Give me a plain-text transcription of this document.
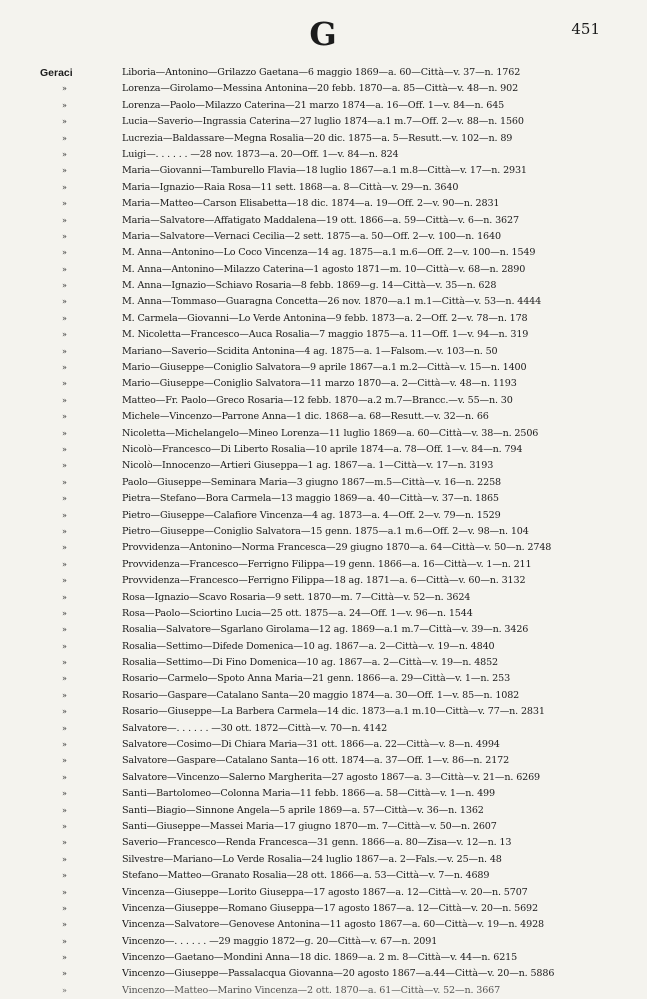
G	451
Geraci	Liboria—Antonino—Grilazzo Gaetana—6 maggio 1869—a. 60—Città—v. 37—n. 1762
»	Lorenza—Girolamo—Messina Antonina—20 febb. 1870—a. 85—Città—v. 48—n. 902
»	Lorenza—Paolo—Milazzo Caterina—21 marzo 1874—a. 16—Off. 1—v. 84—n. 645
»	Lucia—Saverio—Ingrassia Caterina—27 luglio 1874—a.1 m.7—Off. 2—v. 88—n. 1560
»	Lucrezia—Baldassare—Megna Rosalia—20 dic. 1875—a. 5—Resutt.—v. 102—n. 89
»	Luigi—. . . . . . —28 nov. 1873—a. 20—Off. 1—v. 84—n. 824
»	Maria—Giovanni—Tamburello Flavia—18 luglio 1867—a.1 m.8—Città—v. 17—n. 2931
»	Maria—Ignazio—Raia Rosa—11 sett. 1868—a. 8—Città—v. 29—n. 3640
»	Maria—Matteo—Carson Elisabetta—18 dic. 1874—a. 19—Off. 2—v. 90—n. 2831
»	Maria—Salvatore—Affatigato Maddalena—19 ott. 1866—a. 59—Città—v. 6—n. 3627
»	Maria—Salvatore—Vernaci Cecilia—2 sett. 1875—a. 50—Off. 2—v. 100—n. 1640
»	M. Anna—Antonino—Lo Coco Vincenza—14 ag. 1875—a.1 m.6—Off. 2—v. 100—n. 1549
»	M. Anna—Antonino—Milazzo Caterina—1 agosto 1871—m. 10—Città—v. 68—n. 2890
»	M. Anna—Ignazio—Schiavo Rosaria—8 febb. 1869—g. 14—Città—v. 35—n. 628
»	M. Anna—Tommaso—Guaragna Concetta—26 nov. 1870—a.1 m.1—Città—v. 53—n. 4444
»	M. Carmela—Giovanni—Lo Verde Antonina—9 febb. 1873—a. 2—Off. 2—v. 78—n. 178
»	M. Nicoletta—Francesco—Auca Rosalia—7 maggio 1875—a. 11—Off. 1—v. 94—n. 319
»	Mariano—Saverio—Scidita Antonina—4 ag. 1875—a. 1—Falsom.—v. 103—n. 50
»	Mario—Giuseppe—Coniglio Salvatora—9 aprile 1867—a.1 m.2—Città—v. 15—n. 1400
»	Mario—Giuseppe—Coniglio Salvatora—11 marzo 1870—a. 2—Città—v. 48—n. 1193
»	Matteo—Fr. Paolo—Greco Rosaria—12 febb. 1870—a.2 m.7—Brancc.—v. 55—n. 30
»	Michele—Vincenzo—Parrone Anna—1 dic. 1868—a. 68—Resutt.—v. 32—n. 66
»	Nicoletta—Michelangelo—Mineo Lorenza—11 luglio 1869—a. 60—Città—v. 38—n. 2506
»	Nicolò—Francesco—Di Liberto Rosalia—10 aprile 1874—a. 78—Off. 1—v. 84—n. 794
»	Nicolò—Innocenzo—Artieri Giuseppa—1 ag. 1867—a. 1—Città—v. 17—n. 3193
»	Paolo—Giuseppe—Seminara Maria—3 giugno 1867—m.5—Città—v. 16—n. 2258
»	Pietra—Stefano—Bora Carmela—13 maggio 1869—a. 40—Città—v. 37—n. 1865
»	Pietro—Giuseppe—Calafiore Vincenza—4 ag. 1873—a. 4—Off. 2—v. 79—n. 1529
»	Pietro—Giuseppe—Coniglio Salvatora—15 genn. 1875—a.1 m.6—Off. 2—v. 98—n. 104
»	Provvidenza—Antonino—Norma Francesca—29 giugno 1870—a. 64—Città—v. 50—n. 2748
»	Provvidenza—Francesco—Ferrigno Filippa—19 genn. 1866—a. 16—Città—v. 1—n. 211
»	Provvidenza—Francesco—Ferrigno Filippa—18 ag. 1871—a. 6—Città—v. 60—n. 3132
»	Rosa—Ignazio—Scavo Rosaria—9 sett. 1870—m. 7—Città—v. 52—n. 3624
»	Rosa—Paolo—Sciortino Lucia—25 ott. 1875—a. 24—Off. 1—v. 96—n. 1544
»	Rosalia—Salvatore—Sgarlano Girolama—12 ag. 1869—a.1 m.7—Città—v. 39—n. 3426
»	Rosalia—Settimo—Difede Domenica—10 ag. 1867—a. 2—Città—v. 19—n. 4840
»	Rosalia—Settimo—Di Fino Domenica—10 ag. 1867—a. 2—Città—v. 19—n. 4852
»	Rosario—Carmelo—Spoto Anna Maria—21 genn. 1866—a. 29—Città—v. 1—n. 253
»	Rosario—Gaspare—Catalano Santa—20 maggio 1874—a. 30—Off. 1—v. 85—n. 1082
»	Rosario—Giuseppe—La Barbera Carmela—14 dic. 1873—a.1 m.10—Città—v. 77—n. 2831
»	Salvatore—. . . . . . —30 ott. 1872—Città—v. 70—n. 4142
»	Salvatore—Cosimo—Di Chiara Maria—31 ott. 1866—a. 22—Città—v. 8—n. 4994
»	Salvatore—Gaspare—Catalano Santa—16 ott. 1874—a. 37—Off. 1—v. 86—n. 2172
»	Salvatore—Vincenzo—Salerno Margherita—27 agosto 1867—a. 3—Città—v. 21—n. 6269
»	Santi—Bartolomeo—Colonna Maria—11 febb. 1866—a. 58—Città—v. 1—n. 499
»	Santi—Biagio—Sinnone Angela—5 aprile 1869—a. 57—Città—v. 36—n. 1362
»	Santi—Giuseppe—Massei Maria—17 giugno 1870—m. 7—Città—v. 50—n. 2607
»	Saverio—Francesco—Renda Francesca—31 genn. 1866—a. 80—Zisa—v. 12—n. 13
»	Silvestre—Mariano—Lo Verde Rosalia—24 luglio 1867—a. 2—Fals.—v. 25—n. 48
»	Stefano—Matteo—Granato Rosalia—28 ott. 1866—a. 53—Città—v. 7—n. 4689
»	Vincenza—Giuseppe—Lorito Giuseppa—17 agosto 1867—a. 12—Città—v. 20—n. 5707
»	Vincenza—Giuseppe—Romano Giuseppa—17 agosto 1867—a. 12—Città—v. 20—n. 5692
»	Vincenza—Salvatore—Genovese Antonina—11 agosto 1867—a. 60—Città—v. 19—n. 4928
»	Vincenzo—. . . . . . —29 maggio 1872—g. 20—Città—v. 67—n. 2091
»	Vincenzo—Gaetano—Mondini Anna—18 dic. 1869—a. 2 m. 8—Città—v. 44—n. 6215
»	Vincenzo—Giuseppe—Passalacqua Giovanna—20 agosto 1867—a.44—Città—v. 20—n. 5886
»	Vincenzo—Matteo—Marino Vincenza—2 ott. 1870—a. 61—Città—v. 52—n. 3667
